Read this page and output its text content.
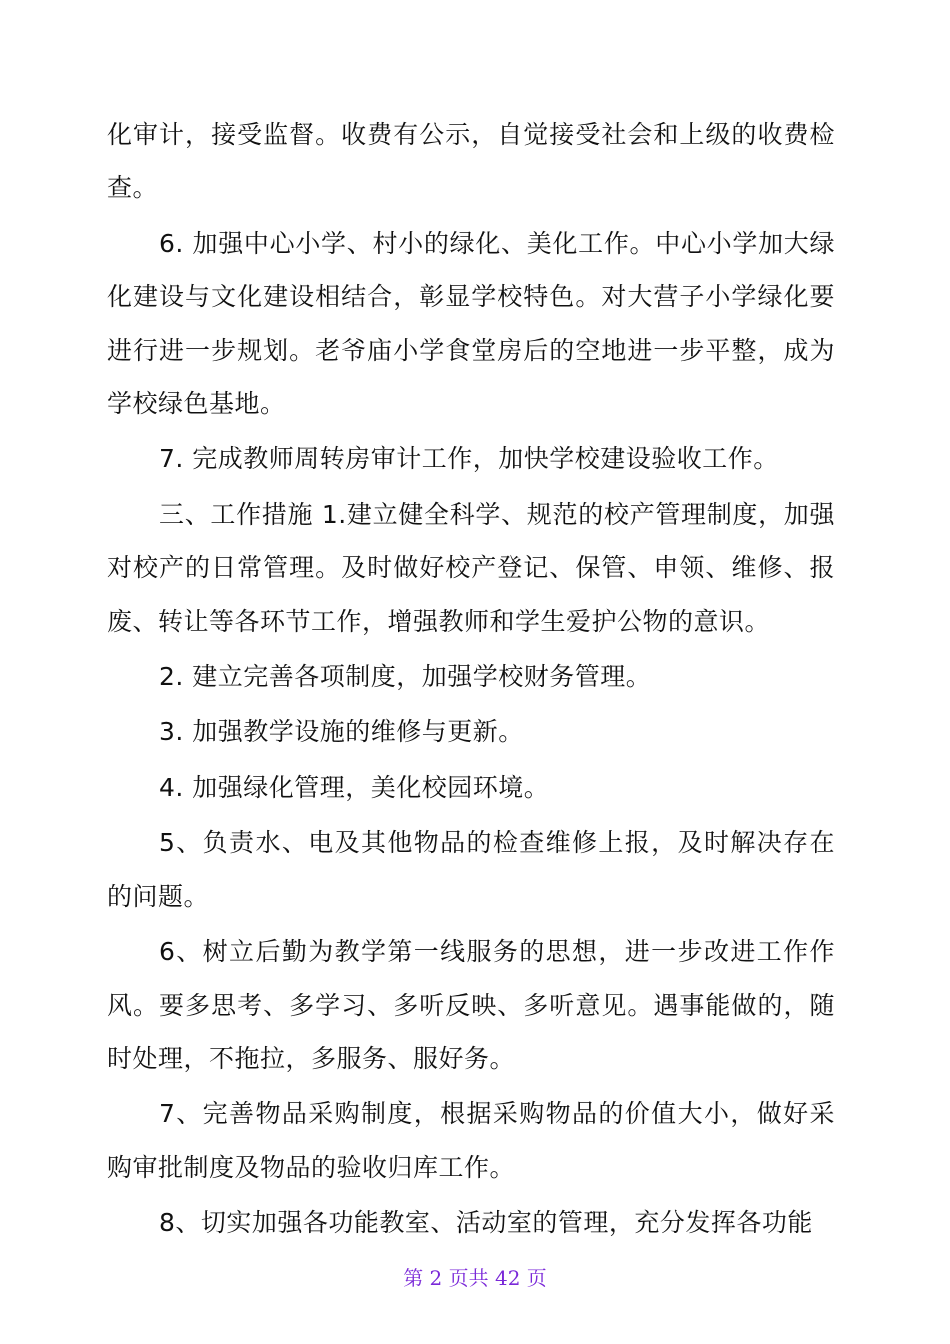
化审计，接受监督。收费有公示，自觉接受社会和上级的收费检查。

6. 加强中心小学、村小的绿化、美化工作。中心小学加大绿化建设与文化建设相结合，彰显学校特色。对大营子小学绿化要进行进一步规划。老爷庙小学食堂房后的空地进一步平整，成为学校绿色基地。

7. 完成教师周转房审计工作，加快学校建设验收工作。

三、工作措施 1.建立健全科学、规范的校产管理制度，加强对校产的日常管理。及时做好校产登记、保管、申领、维修、报废、转让等各环节工作，增强教师和学生爱护公物的意识。

2. 建立完善各项制度，加强学校财务管理。

3. 加强教学设施的维修与更新。

4. 加强绿化管理，美化校园环境。

5、负责水、电及其他物品的检查维修上报，及时解决存在的问题。

6、树立后勤为教学第一线服务的思想，进一步改进工作作风。要多思考、多学习、多听反映、多听意见。遇事能做的，随时处理，不拖拉，多服务、服好务。

7、完善物品采购制度，根据采购物品的价值大小，做好采购审批制度及物品的验收归库工作。

8、切实加强各功能教室、活动室的管理，充分发挥各功能

第 2 页共 42 页
